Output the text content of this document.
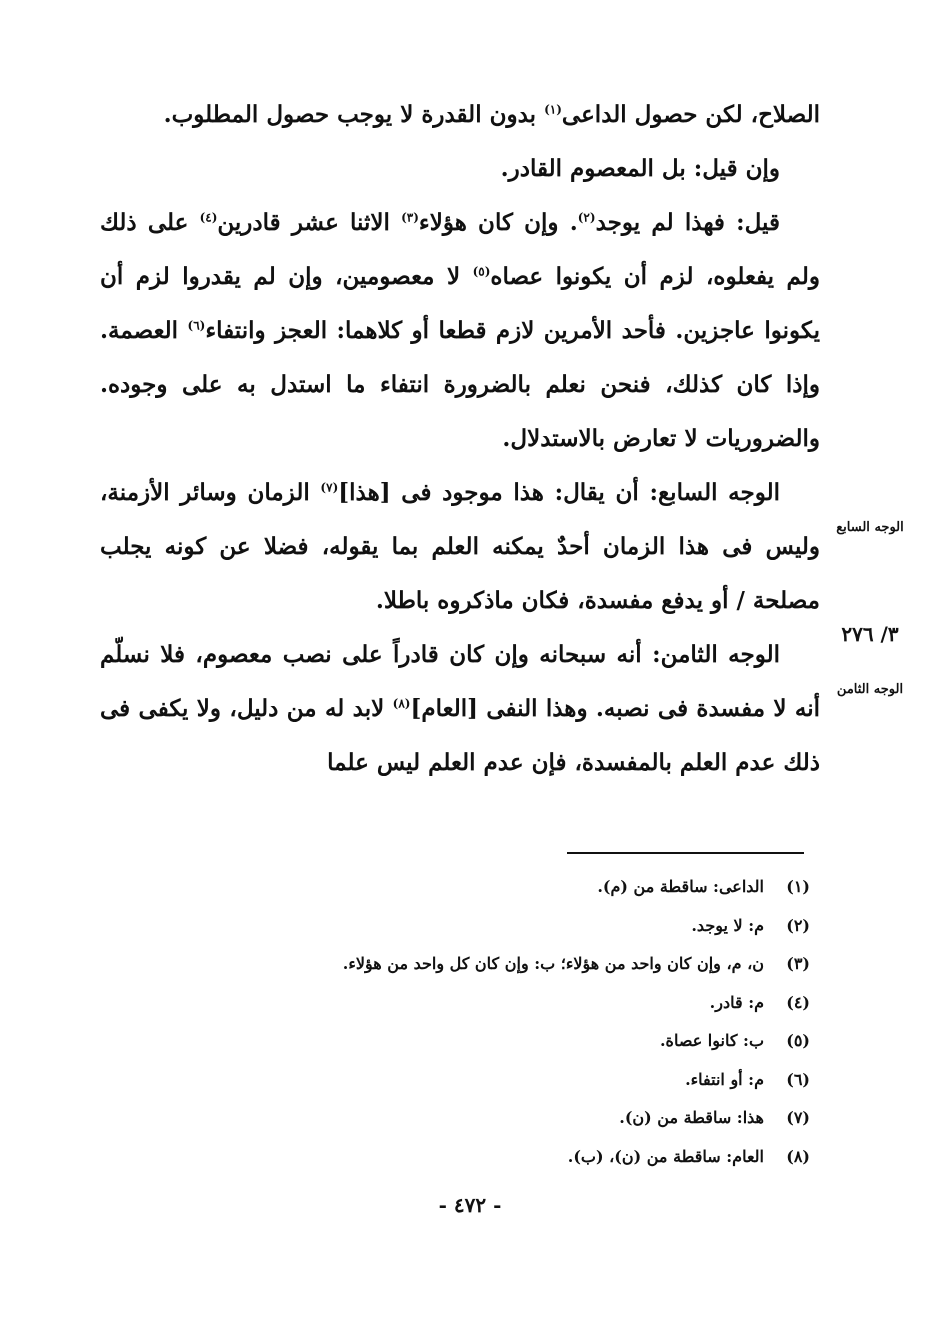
الصلاح، لكن حصول الداعى$^{(١)}$ بدون القدرة لا يوجب حصول المطلوب.

وإن قيل: بل المعصوم القادر.

قيل: فهذا لم يوجد$^{(٢)}$. وإن كان هؤلاء$^{(٣)}$ الاثنا عشر قادرين$^{(٤)}$ على ذلك ولم يفعلوه، لزم أن يكونوا عصاه$^{(٥)}$ لا معصومين، وإن لم يقدروا لزم أن يكونوا عاجزين. فأحد الأمرين لازم قطعا أو كلاهما: العجز وانتفاء$^{(٦)}$ العصمة. وإذا كان كذلك، فنحن نعلم بالضرورة انتفاء ما استدل به على وجوده. والضروريات لا تعارض بالاستدلال.

الوجه السابع: أن يقال: هذا موجود فى [هذا]$^{(٧)}$ الزمان وسائر الأزمنة، وليس فى هذا الزمان أحدٌ يمكنه العلم بما يقوله، فضلا عن كونه يجلب مصلحة / أو يدفع مفسدة، فكان ماذكروه باطلا.

الوجه الثامن: أنه سبحانه وإن كان قادراً على نصب معصوم، فلا نسلّم أنه لا مفسدة فى نصبه. وهذا النفى [العام]$^{(٨)}$ لابد له من دليل، ولا يكفى فى ذلك عدم العلم بالمفسدة، فإن عدم العلم ليس علما

الوجه السابع
٣/ ٢٧٦
الوجه الثامن
(١)الداعى: ساقطة من (م).
(٢)م: لا يوجد.
(٣)ن، م، وإن كان واحد من هؤلاء؛ ب: وإن كان كل واحد من هؤلاء.
(٤)م: قادر.
(٥)ب: كانوا عصاة.
(٦)م: أو انتفاء.
(٧)هذا: ساقطة من (ن).
(٨)العام: ساقطة من (ن)، (ب).
- ٤٧٢ -
